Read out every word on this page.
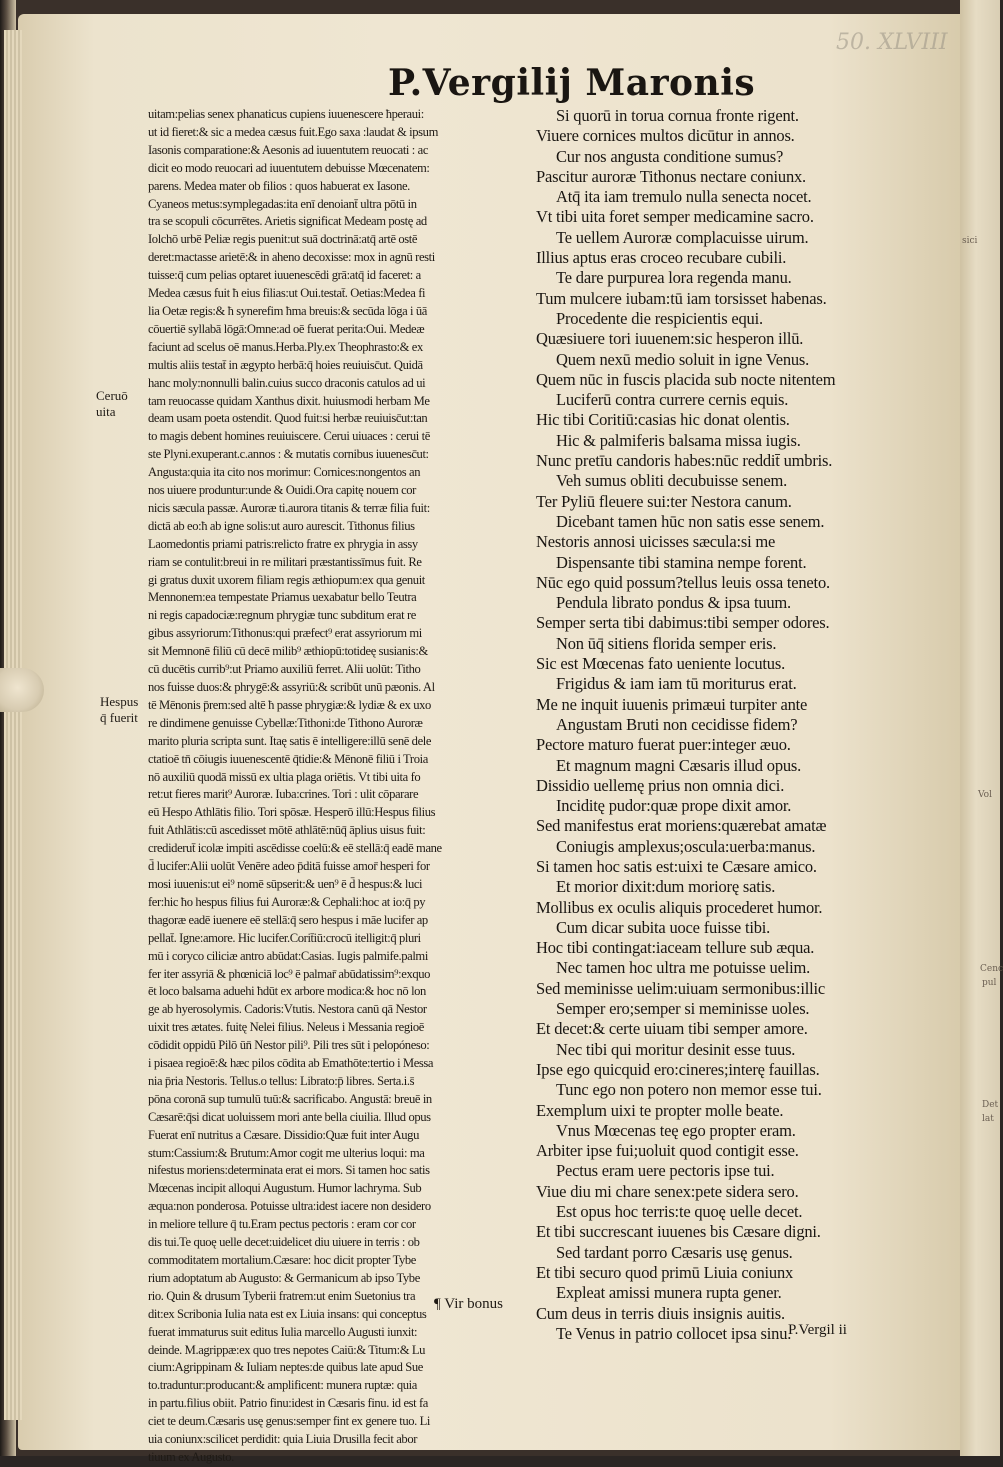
sici
Vol
Cenc
pul
Det
lat
50. XLVIII
P.Vergilij Maronis
Ceruō
uita
Hespus
q̄ fuerit
uitam:pelias senex phanaticus cupiens iuuenescere ħperaui:
ut id fieret:& sic a medea cæsus fuit.Ego saxa :laudat & ipsum
Iasonis comparatione:& Aesonis ad iuuentutem reuocati : ac
dicit eo modo reuocari ad iuuentutem debuisse Mœcenatem:
parens. Medea mater ob filios : quos habuerat ex Iasone.
Cyaneos metus:symplegadas:ita enī denoiant̄ ultra pōtū in
tra se scopuli cōcurrētes. Arietis significat Medeam postę ad
Iolchō urbē Peliæ regis puenit:ut suā doctrinā:atq̄ artē ostē
deret:mactasse arietē:& in aheno decoxisse: mox in agnū resti
tuisse:q̄ cum pelias optaret iuuenescēdi grā:atq̄ id faceret: a
Medea cæsus fuit ħ eius filias:ut Oui.testat̄. Oetias:Medea fi
lia Oetæ regis:& ħ synerefim ħma breuis:& secūda lōga i ūā
cōuertiē syllabā lōgā:Omne:ad oē fuerat perita:Oui. Medeæ
faciunt ad scelus oē manus.Herba.Ply.ex Theophrasto:& ex
multis aliis testat̄ in ægypto herbā:q̄ hoies reuiuisc̄ut. Quidā
hanc moly:nonnulli balin.cuius succo draconis catulos ad ui
tam reuocasse quidam Xanthus dixit. huiusmodi herbam Me
deam usam poeta ostendit. Quod fuit:si herbæ reuiuisc̄ut:tan
to magis debent homines reuiuiscere. Cerui uiuaces : cerui tē
ste Plyni.exuperant.c.annos : & mutatis cornibus iuuenesc̄ut:
Angusta:quia ita cito nos morimur: Cornices:nongentos an
nos uiuere produntur:unde & Ouidi.Ora capitę nouem cor
nicis sæcula passæ. Auroræ ti.aurora titanis & terræ filia fuit:
dictā ab eo:ħ ab igne solis:ut auro aurescit. Tithonus filius
Laomedontis priami patris:relicto fratre ex phrygia in assy
riam se contulit:breui in re militari præstantissīmus fuit. Re
gi gratus duxit uxorem filiam regis æthiopum:ex qua genuit
Mennonem:ea tempestate Priamus uexabatur bello Teutra
ni regis capadociæ:regnum phrygiæ tunc subditum erat re
gibus assyriorum:Tithonus:qui præfect⁹ erat assyriorum mi
sit Memnonē filiū cū decē milib⁹ æthiopū:totideę susianis:&
cū ducētis currib⁹:ut Priamo auxiliū ferret. Alii uolūt: Titho
nos fuisse duos:& phrygē:& assyriū:& scribūt unū pæonis. Al
tē Mēnonis p̄rem:sed altē ħ passe phrygiæ:& lydiæ & ex uxo
re dindimene genuisse Cybellæ:Tithoni:de Tithono Auroræ
marito pluria scripta sunt. Itaę satis ē intelligere:illū senē dele
ctatioē tn̄ cōiugis iuuenescentē q̄tidie:& Mēnonē filiū i Troia
nō auxiliū quodā missū ex ultia plaga oriētis. Vt tibi uita fo
ret:ut fieres marit⁹ Auroræ. Iuba:crines. Tori : ulit cōparare
eū Hespo Athlātis filio. Tori spōsæ. Hesperō illū:Hespus filius
fuit Athlātis:cū ascedisset mōtē athlātē:nūq̄ āplius uisus fuit:
crediderut̄ icolæ impiti ascēdisse coelū:& eē stellā:q̄ eadē mane
d̄ lucifer:Alii uolūt Venēre adeo p̄ditā fuisse amor̄ hesperi for
mosi iuuenis:ut ei⁹ nomē sūpserit:& uen⁹ ē d̄ hespus:& luci
fer:hic ħo hespus filius fui Auroræ:& Cephali:hoc at io:q̄ py
thagoræ eadē iuenere eē stellā:q̄ sero hespus i māe lucifer ap
pellat̄. Igne:amore. Hic lucifer.Corit̄iū:crocū itelligit:q̄ pluri
mū i coryco ciliciæ antro abūdat:Casias. Iugis palmife.palmi
fer iter assyriā & phœniciā loc⁹ ē palmar̄ abūdatissim⁹:exquo
ēt loco balsama aduehi ħdūt ex arbore modica:& hoc nō lon
ge ab hyerosolymis. Cadoris:Vtutis. Nestora canū qā Nestor
uixit tres ætates. fuitę Nelei filius. Neleus i Messania regioē
cōdidit oppidū Pilō ūn̄ Nestor pili⁹. Pili tres sūt i pelopóneso:
i pisaea regioē:& hæc pilos cōdita ab Emathōte:tertio i Messa
nia p̄ria Nestoris. Tellus.o tellus: Librato:p̄ libres. Serta.i.s̄
pōna coronā sup tumulū tuū:& sacrificabo. Angustā: breuē in
Cæsarē:q̄si dicat uoluissem mori ante bella ciuilia. Illud opus
Fuerat enī nutritus a Cæsare. Dissidio:Quæ fuit inter Augu
stum:Cassium:& Brutum:Amor cogit me ulterius loqui: ma
nifestus moriens:determinata erat ei mors. Si tamen hoc satis
Mœcenas incipit alloqui Augustum. Humor lachryma. Sub
æqua:non ponderosa. Potuisse ultra:idest iacere non desidero
in meliore tellure q̄ tu.Eram pectus pectoris : eram cor cor
dis tui.Te quoę uelle decet:uidelicet diu uiuere in terris : ob
commoditatem mortalium.Cæsare: hoc dicit propter Tybe
rium adoptatum ab Augusto: & Germanicum ab ipso Tybe
rio. Quin & drusum Tyberii fratrem:ut enim Suetonius tra
dit:ex Scribonia Iulia nata est ex Liuia insans: qui conceptus
fuerat immaturus suit editus Iulia marcello Augusti iunxit:
deinde. M.agrippæ:ex quo tres nepotes Caiū:& Titum:& Lu
cium:Agrippinam & Iuliam neptes:de quibus late apud Sue
to.traduntur:producant:& amplificent: munera ruptæ: quia
in partu.filius obiit. Patrio finu:idest in Cæsaris finu. id est fa
ciet te deum.Cæsaris usę genus:semper fint ex genere tuo. Li
uia coniunx:scilicet perdidit: quia Liuia Drusilla fecit abor
tiuum ex Augusto.
¶ Vir bonus
Si quorū in torua cornua fronte rigent.
Viuere cornices multos dicūtur in annos.
Cur nos angusta conditione sumus?
Pascitur auroræ Tithonus nectare coniunx.
Atq̄ ita iam tremulo nulla senecta nocet.
Vt tibi uita foret semper medicamine sacro.
Te uellem Auroræ complacuisse uirum.
Illius aptus eras croceo recubare cubili.
Te dare purpurea lora regenda manu.
Tum mulcere iubam:tū iam torsisset habenas.
Procedente die respicientis equi.
Quæsiuere tori iuuenem:sic hesperon illū.
Quem nexū medio soluit in igne Venus.
Quem nūc in fuscis placida sub nocte nitentem
Luciferū contra currere cernis equis.
Hic tibi Coritiū:casias hic donat olentis.
Hic & palmiferis balsama missa iugis.
Nunc pretīu candoris habes:nūc reddit̄ umbris.
Veh sumus obliti decubuisse senem.
Ter Pyliū fleuere sui:ter Nestora canum.
Dicebant tamen hūc non satis esse senem.
Nestoris annosi uicisses sæcula:si me
Dispensante tibi stamina nempe forent.
Nūc ego quid possum?tellus leuis ossa teneto.
Pendula librato pondus & ipsa tuum.
Semper serta tibi dabimus:tibi semper odores.
Non ūq̄ sitiens florida semper eris.
Sic est Mœcenas fato ueniente locutus.
Frigidus & iam iam tū moriturus erat.
Me ne inquit iuuenis primæui turpiter ante
Angustam Bruti non cecidisse fidem?
Pectore maturo fuerat puer:integer æuo.
Et magnum magni Cæsaris illud opus.
Dissidio uellemę prius non omnia dici.
Inciditę pudor:quæ prope dixit amor.
Sed manifestus erat moriens:quærebat amatæ
Coniugis amplexus;oscula:uerba:manus.
Si tamen hoc satis est:uixi te Cæsare amico.
Et morior dixit:dum moriorę satis.
Mollibus ex oculis aliquis procederet humor.
Cum dicar subita uoce fuisse tibi.
Hoc tibi contingat:iaceam tellure sub æqua.
Nec tamen hoc ultra me potuisse uelim.
Sed meminisse uelim:uiuam sermonibus:illic
Semper ero;semper si meminisse uoles.
Et decet:& certe uiuam tibi semper amore.
Nec tibi qui moritur desinit esse tuus.
Ipse ego quicquid ero:cineres;interę fauillas.
Tunc ego non potero non memor esse tui.
Exemplum uixi te propter molle beate.
Vnus Mœcenas teę ego propter eram.
Arbiter ipse fui;uoluit quod contigit esse.
Pectus eram uere pectoris ipse tui.
Viue diu mi chare senex:pete sidera sero.
Est opus hoc terris:te quoę uelle decet.
Et tibi succrescant iuuenes bis Cæsare digni.
Sed tardant porro Cæsaris usę genus.
Et tibi securo quod primū Liuia coniunx
Expleat amissi munera rupta gener.
Cum deus in terris diuis insignis auitis.
Te Venus in patrio collocet ipsa sinu.
P.Vergil ii
